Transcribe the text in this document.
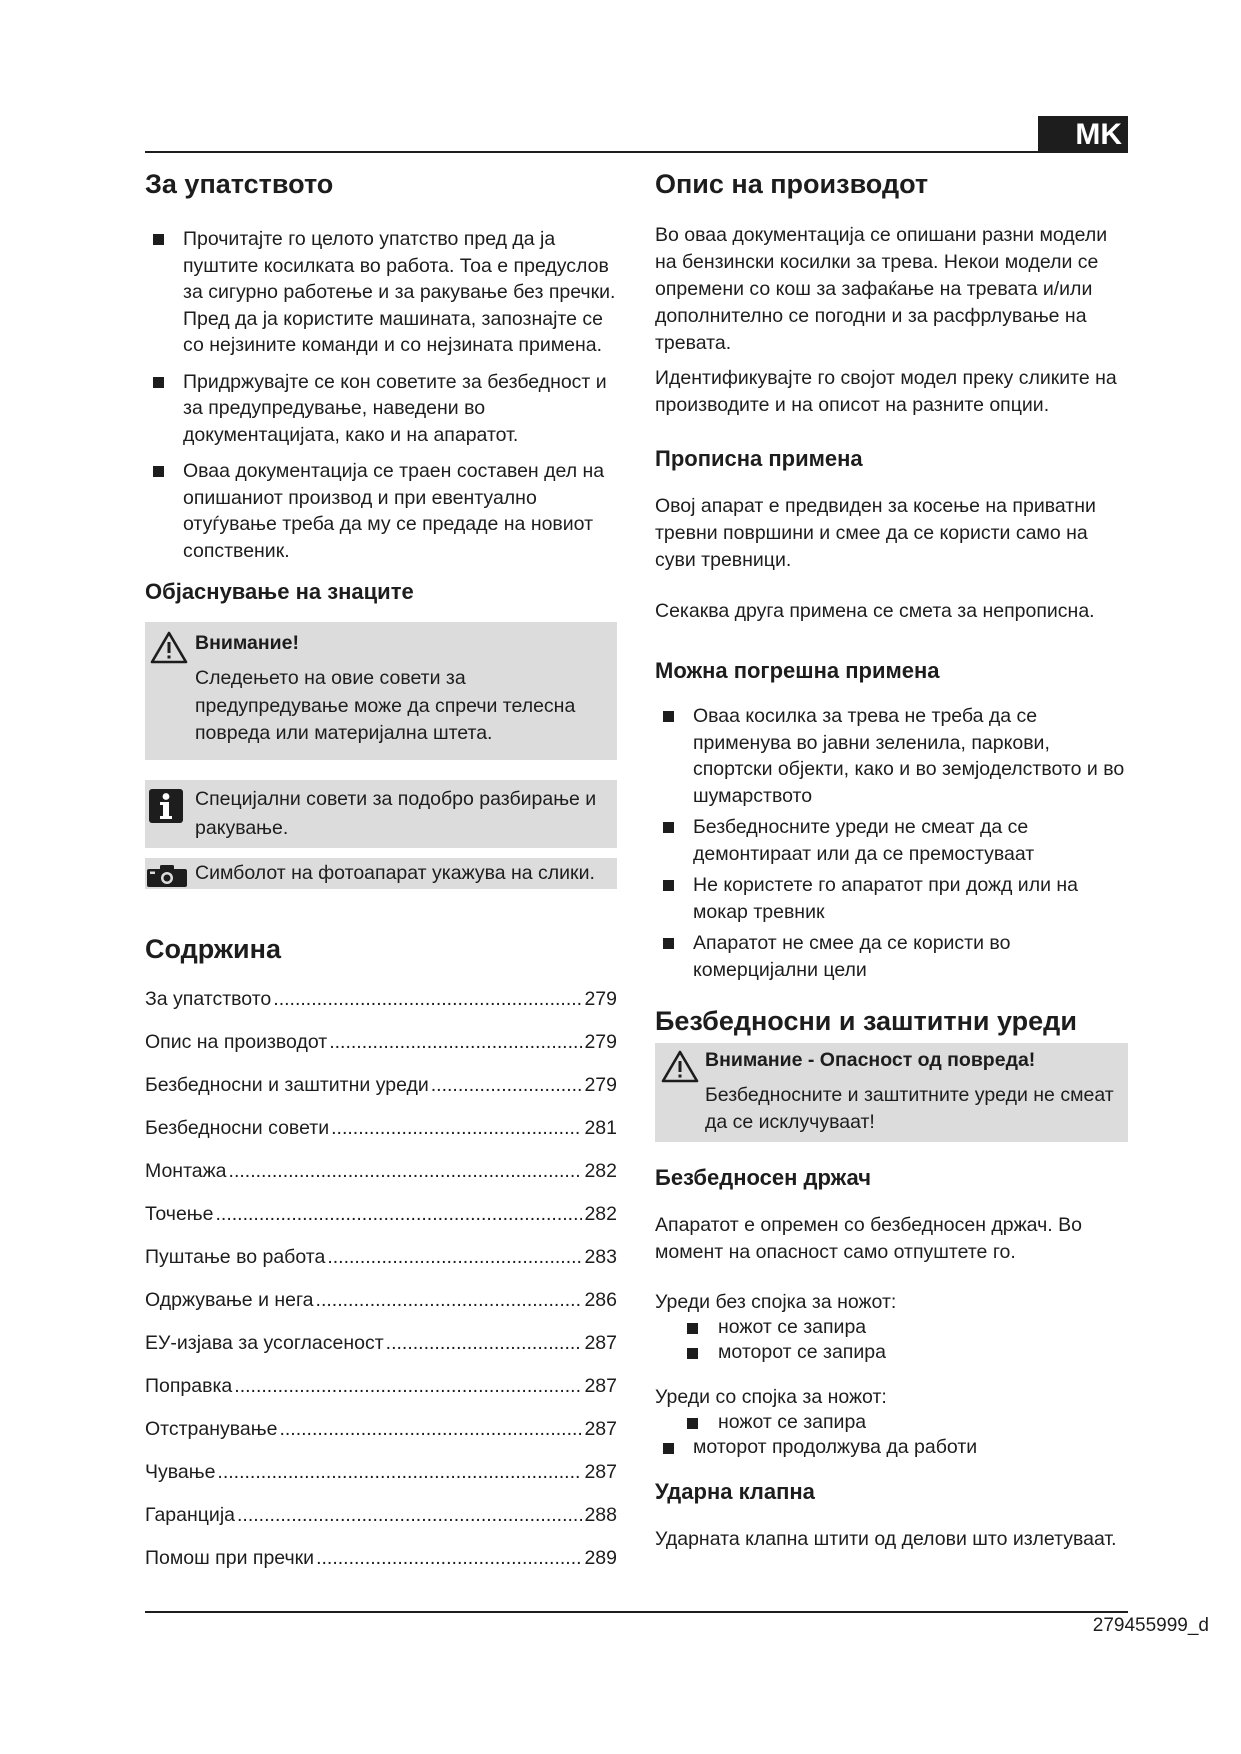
MK
За упатството
Прочитајте го целото упатство пред да ја пуштите косилката во работа. Тоа е предуслов за сигурно работење и за ракување без пречки. Пред да ја користите машината, запознајте се со нејзините команди и со нејзината примена.
Придржувајте се кон советите за безбедност и за предупредување, наведени во документацијата, како и на апаратот.
Оваа документација се траен составен дел на опишаниот производ и при евентуално отуѓување треба да му се предаде на новиот сопственик.
Објаснување на знаците

Внимание!

Следењето на овие совети за предупредување може да спречи телесна повреда или материјална штета.

Специјални совети за подобро разбирање и ракување.

Симболот на фотоапарат укажува на слики.

Содржина
За упатството .....	279
Опис на производот .....	279
Безбедносни и заштитни уреди .....	279
Безбедносни совети .....	281
Монтажа .....	282
Точење .....	282
Пуштање во работа .....	283
Одржување и нега .....	286
ЕУ-изјава за усогласеност .....	287
Поправка .....	287
Отстранување .....	287
Чување .....	287
Гаранција .....	288
Помош при пречки .....	289
Опис на производот

Во оваа документација се опишани разни модели на бензински косилки за трева. Некои модели се опремени со кош за зафаќање на тревата и/или дополнително се погодни и за расфрлување на тревата.

Идентификувајте го својот модел преку сликите на производите и на описот на разните опции.

Прописна примена

Овој апарат е предвиден за косење на приватни тревни површини и смее да се користи само на суви тревници.

Секаква друга примена се смета за непрописна.

Можна погрешна примена
Оваа косилка за трева не треба да се применува во јавни зеленила, паркови, спортски објекти, како и во земјоделството и во шумарството
Безбедносните уреди не смеат да се демонтираат или да се премостуваат
Не користете го апаратот при дожд или на мокар тревник
Апаратот не смее да се користи во комерцијални цели
Безбедносни и заштитни уреди

Внимание - Опасност од повреда!

Безбедносните и заштитните уреди не смеат да се исклучуваат!

Безбедносен држач

Апаратот е опремен со безбедносен држач. Во момент на опасност само отпуштете го.

Уреди без спојка за ножот:

ножот се запира
моторот се запира

Уреди со спојка за ножот:

ножот се запира
моторот продолжува да работи
Ударна клапна

Ударната клапна штити од делови што излетуваат.

279455999_d
